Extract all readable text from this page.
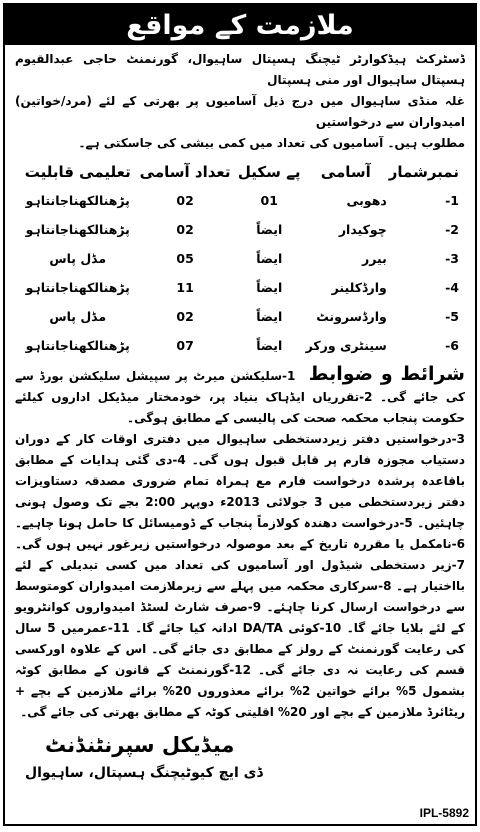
ملازمت کے مواقع
ڈسٹرکٹ ہیڈکوارٹر ٹیچنگ ہسپتال ساہیوال، گورنمنٹ حاجی عبدالقیوم ہسپتال ساہیوال اور منی ہسپتال
غلہ منڈی ساہیوال میں درج ذیل آسامیوں پر بھرتی کے لئے (مرد/خواتین) امیدواران سے درخواستیں
مطلوب ہیں۔ آسامیوں کی تعداد میں کمی بیشی کی جاسکتی ہے۔
نمبرشمار	آسامی	پے سکیل	تعداد آسامی	تعلیمی قابلیت
1-	دھوبی	01	02	پڑھنالکھناجانتاہو
2-	چوکیدار	ایضاً	02	پڑھنالکھناجانتاہو
3-	بیرر	ایضاً	05	مڈل پاس
4-	وارڈکلینر	ایضاً	11	پڑھنالکھناجانتاہو
5-	وارڈسرونٹ	ایضاً	02	مڈل پاس
6-	سینٹری ورکر	ایضاً	07	پڑھنالکھناجانتاہو
شرائط و ضوابط 1-سلیکشن میرٹ پر سپیشل سلیکشن بورڈ سے کی جائے گی۔ 2-تقرریاں ایڈہاک بنیاد پر، خودمختار میڈیکل اداروں کیلئے حکومت پنجاب محکمہ صحت کی پالیسی کے مطابق ہوگی۔
3-درخواستیں دفتر زیردستخطی ساہیوال میں دفتری اوقات کار کے دوران دستیاب مجوزہ فارم پر قابل قبول ہوں گی۔ 4-دی گئی ہدایات کے مطابق باقاعدہ پرشدہ درخواست فارم مع ہمراہ تمام ضروری مصدقہ دستاویزات دفتر زیردستخطی میں 3 جولائی 2013ء دوپہر 2:00 بجے تک وصول ہونی چاہئیں۔ 5-درخواست دھندہ کولازماً پنجاب کے ڈومیسائل کا حامل ہونا چاہیے۔ 6-نامکمل یا مقررہ تاریخ کے بعد موصولہ درخواستیں زیرغور نہیں ہوں گی۔ 7-زیر دستخطی شیڈول اور آسامیوں کی تعداد میں کسی تبدیلی کے لئے بااختیار ہے۔ 8-سرکاری محکمہ میں پہلے سے زیرملازمت امیدواران کومتوسط سے درخواست ارسال کرنا چاہئے۔ 9-صرف شارٹ لسٹڈ امیدواروں کوانٹرویو کے لئے بلایا جائے گا۔ 10-کوئی DA/TA ادانہ کیا جائے گا۔ 11-عمرمیں 5 سال کی رعایت گورنمنٹ کے رولز کے مطابق دی جائے گی۔ اس کے علاوہ اورکسی قسم کی رعایت نہ دی جائے گی۔ 12-گورنمنٹ کے قانون کے مطابق کوٹہ بشمول 5% برائے خواتین 2% برائے معذوروں 20% برائے ملازمین کے بچے + ریٹائرڈ ملازمین کے بچے اور 20% اقلیتی کوٹہ کے مطابق بھرتی کی جائے گی۔
میڈیکل سپرنٹنڈنٹ
ڈی ایچ کیوٹیچنگ ہسپتال، ساہیوال
IPL-5892
